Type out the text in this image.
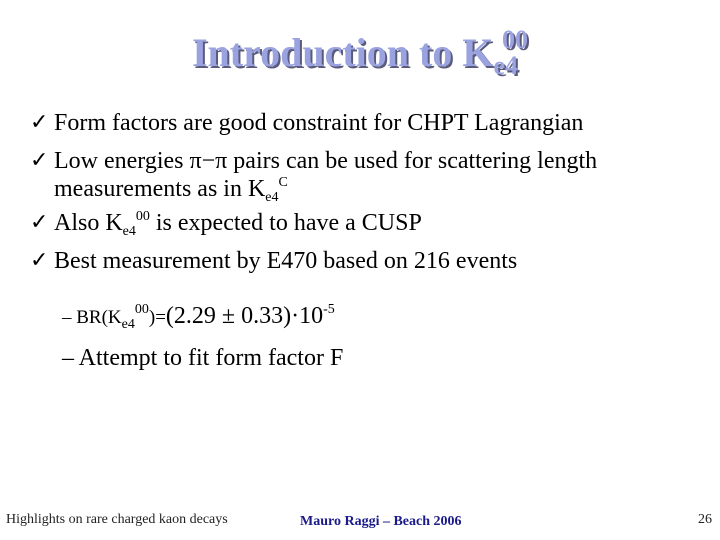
Introduction to $K_{e4}^{00}$
✓ Form factors are good constraint for CHPT Lagrangian
✓ Low energies π−π pairs can be used for scattering length
measurements as in $K_{e4}^C$
✓ Also $K_{e4}^{00}$ is expected to have a CUSP
✓ Best measurement by E470 based on 216 events
– $BR(K_{e4}^{00})=(2.29 \pm 0.33)\cdot 10^{-5}$
– Attempt to fit form factor F
Highlights on rare charged kaon decays	Mauro Raggi – Beach 2006	26
